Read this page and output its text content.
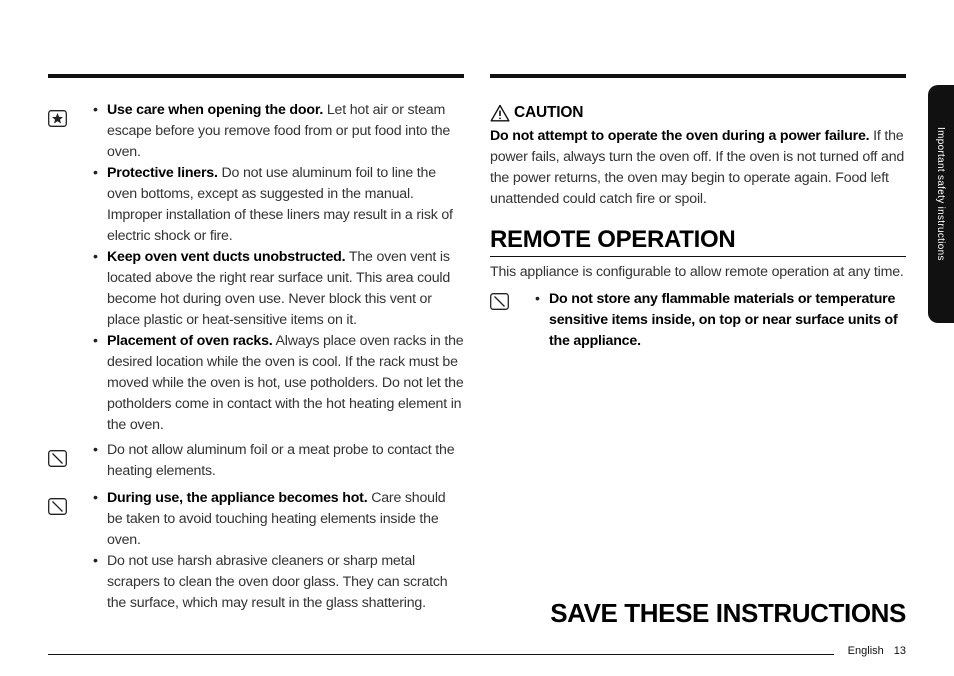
• Use care when opening the door. Let hot air or steam escape before you remove food from or put food into the oven.
• Protective liners. Do not use aluminum foil to line the oven bottoms, except as suggested in the manual. Improper installation of these liners may result in a risk of electric shock or fire.
• Keep oven vent ducts unobstructed. The oven vent is located above the right rear surface unit. This area could become hot during oven use. Never block this vent or place plastic or heat-sensitive items on it.
• Placement of oven racks. Always place oven racks in the desired location while the oven is cool. If the rack must be moved while the oven is hot, use potholders. Do not let the potholders come in contact with the hot heating element in the oven.
• Do not allow aluminum foil or a meat probe to contact the heating elements.
• During use, the appliance becomes hot. Care should be taken to avoid touching heating elements inside the oven.
• Do not use harsh abrasive cleaners or sharp metal scrapers to clean the oven door glass. They can scratch the surface, which may result in the glass shattering.
CAUTION
Do not attempt to operate the oven during a power failure. If the power fails, always turn the oven off. If the oven is not turned off and the power returns, the oven may begin to operate again. Food left unattended could catch fire or spoil.
REMOTE OPERATION
This appliance is configurable to allow remote operation at any time.
• Do not store any flammable materials or temperature sensitive items inside, on top or near surface units of the appliance.
SAVE THESE INSTRUCTIONS
English 13
Important safety instructions
